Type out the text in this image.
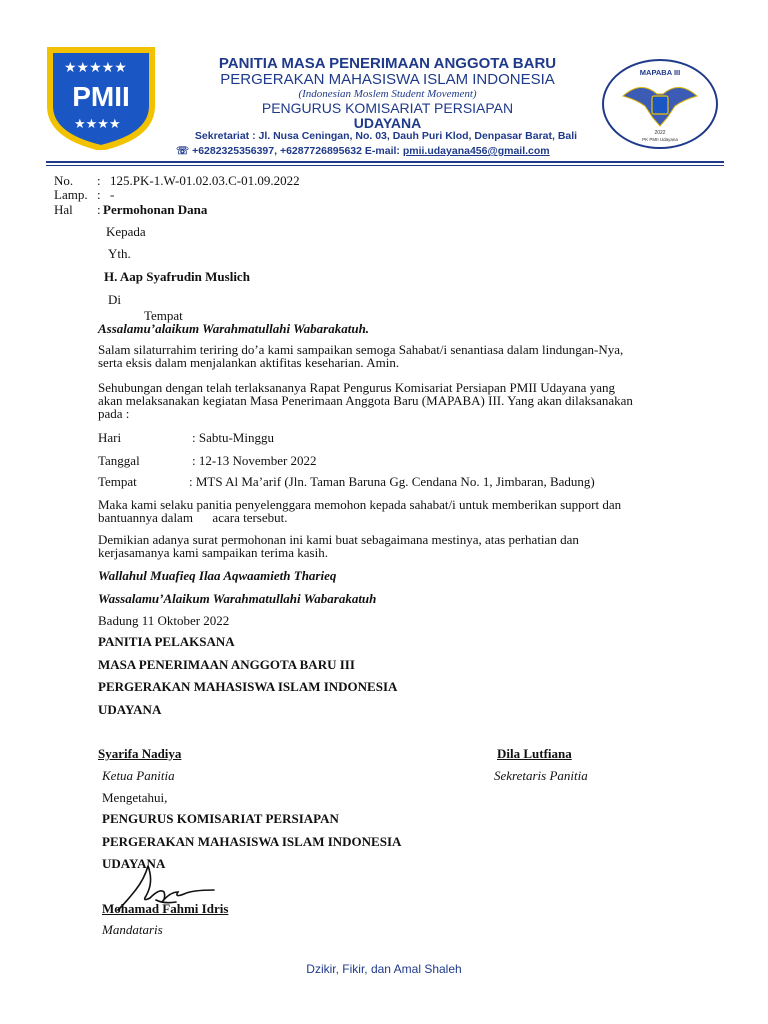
★★★★★
★★★★
PMII
PANITIA MASA PENERIMAAN ANGGOTA BARU
PERGERAKAN MAHASISWA ISLAM INDONESIA
(Indonesian Moslem Student Movement)
PENGURUS KOMISARIAT PERSIAPAN
UDAYANA
Sekretariat : Jl. Nusa Ceningan, No. 03, Dauh Puri Klod, Denpasar Barat, Bali
☏ +6282325356397, +6287726895632 E-mail: pmii.udayana456@gmail.com
MAPABA III
2022
PK PMII Udayana
No. : 125.PK-1.W-01.02.03.C-01.09.2022
Lamp. : -
Hal : Permohonan Dana
Kepada
Yth.
H. Aap Syafrudin Muslich
Di
Tempat
Assalamu’alaikum Warahmatullahi Wabarakatuh.
Salam silaturrahim teriring do’a kami sampaikan semoga Sahabat/i senantiasa dalam lindungan-Nya,
serta eksis dalam menjalankan aktifitas keseharian. Amin.
Sehubungan dengan telah terlaksananya Rapat Pengurus Komisariat Persiapan PMII Udayana yang
akan melaksanakan kegiatan Masa Penerimaan Anggota Baru (MAPABA) III. Yang akan dilaksanakan
pada :
Hari	: Sabtu-Minggu
Tanggal	: 12-13 November 2022
Tempat	: MTS Al Ma’arif (Jln. Taman Baruna Gg. Cendana No. 1, Jimbaran, Badung)
Maka kami selaku panitia penyelenggara memohon kepada sahabat/i untuk memberikan support dan
bantuannya dalam      acara tersebut.
Demikian adanya surat permohonan ini kami buat sebagaimana mestinya, atas perhatian dan
kerjasamanya kami sampaikan terima kasih.
Wallahul Muafieq Ilaa Aqwaamieth Tharieq
Wassalamu’Alaikum Warahmatullahi Wabarakatuh
Badung 11 Oktober 2022
PANITIA PELAKSANA
MASA PENERIMAAN ANGGOTA BARU III
PERGERAKAN MAHASISWA ISLAM INDONESIA
UDAYANA
Syarifa Nadiya
Ketua Panitia
Dila Lutfiana
Sekretaris Panitia
Mengetahui,
PENGURUS KOMISARIAT PERSIAPAN
PERGERAKAN MAHASISWA ISLAM INDONESIA
UDAYANA
Mohamad Fahmi Idris
Mandataris
Dzikir, Fikir, dan Amal Shaleh
